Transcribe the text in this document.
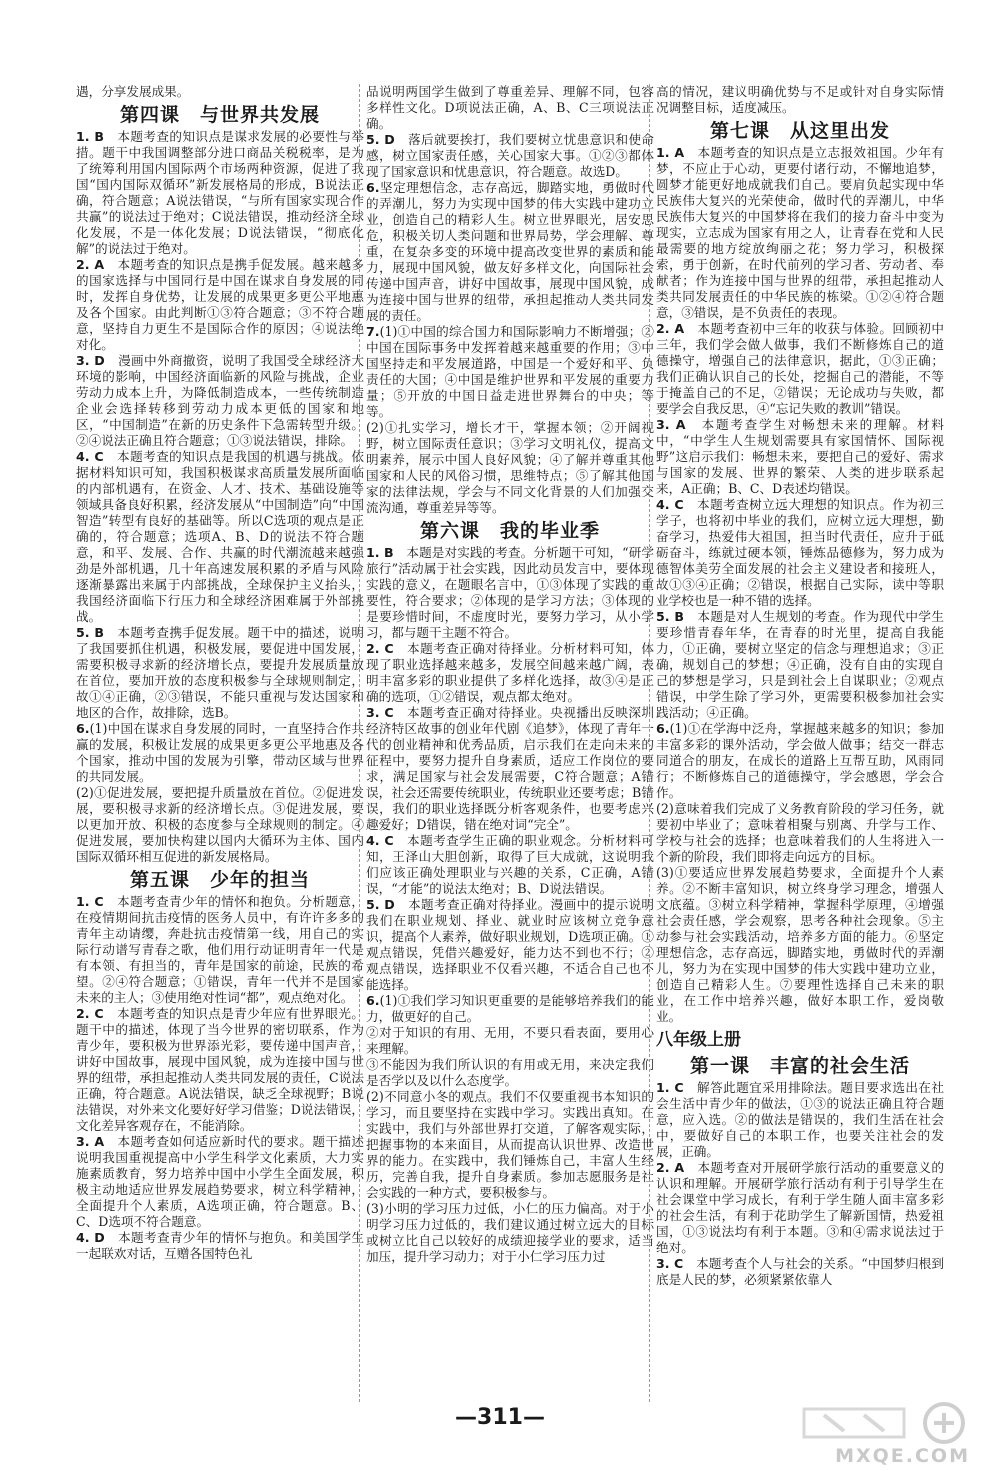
遇，分享发展成果。

第四课　与世界共发展

1. B　本题考查的知识点是谋求发展的必要性与举措。题干中我国调整部分进口商品关税税率，是为了统筹利用国内国际两个市场两种资源，促进了我国“国内国际双循环”新发展格局的形成，B说法正确，符合题意；A说法错误，“与所有国家实现合作共赢”的说法过于绝对；C说法错误，推动经济全球化发展，不是一体化发展；D说法错误，“彻底化解”的说法过于绝对。

2. A　本题考查的知识点是携手促发展。越来越多的国家选择与中国同行是中国在谋求自身发展的同时，发挥自身优势，让发展的成果更多更公平地惠及各个国家。由此判断①③符合题意；③不符合题意，坚持自力更生不是国际合作的原因；④说法绝对化。

3. D　漫画中外商撤资，说明了我国受全球经济大环境的影响，中国经济面临新的风险与挑战，企业劳动力成本上升，为降低制造成本，一些传统制造企业会选择转移到劳动力成本更低的国家和地区，“中国制造”在新的历史条件下急需转型升级。②④说法正确且符合题意；①③说法错误，排除。

4. C　本题考查的知识点是我国的机遇与挑战。依据材料知识可知，我国积极谋求高质量发展所面临的内部机遇有，在资金、人才、技术、基础设施等领域具备良好积累，经济发展从“中国制造”向“中国智造”转型有良好的基础等。所以C选项的观点是正确的，符合题意；选项A、B、D的说法不符合题意，和平、发展、合作、共赢的时代潮流越来越强劲是外部机遇，几十年高速发展积累的矛盾与风险逐渐暴露出来属于内部挑战，全球保护主义抬头，我国经济面临下行压力和全球经济困难属于外部挑战。

5. B　本题考查携手促发展。题干中的描述，说明了我国要抓住机遇，积极发展，要促进中国发展，需要积极寻求新的经济增长点，要提升发展质量放在首位，要加开放的态度积极参与全球规则制定，故①④正确，②③错误，不能只重视与发达国家和地区的合作，故排除，选B。

6.(1)中国在谋求自身发展的同时，一直坚持合作共赢的发展，积极让发展的成果更多更公平地惠及各个国家，推动中国的发展为引擎，带动区域与世界的共同发展。

(2)①促进发展，要把提升质量放在首位。②促进发展，要积极寻求新的经济增长点。③促进发展，要以更加开放、积极的态度参与全球规则的制定。④促进发展，要加快构建以国内大循环为主体、国内国际双循环相互促进的新发展格局。

第五课　少年的担当

1. C　本题考查青少年的情怀和抱负。分析题意，在疫情期间抗击疫情的医务人员中，有许许多多的青年主动请缨，奔赴抗击疫情第一线，用自己的实际行动谱写青春之歌，他们用行动证明青年一代是有本领、有担当的，青年是国家的前途，民族的希望。②④符合题意；①错误，青年一代并不是国家未来的主人；③使用绝对性词“都”，观点绝对化。

2. C　本题考查的知识点是青少年应有世界眼光。题干中的描述，体现了当今世界的密切联系，作为青少年，要积极为世界添光彩，要传递中国声音，讲好中国故事，展现中国风貌，成为连接中国与世界的纽带，承担起推动人类共同发展的责任，C说法正确，符合题意。A说法错误，缺乏全球视野；B说法错误，对外来文化要好好学习借鉴；D说法错误，文化差异客观存在，不能消除。

3. A　本题考查如何适应新时代的要求。题干描述说明我国重视提高中小学生科学文化素质，大力实施素质教育，努力培养中国中小学生全面发展，积极主动地适应世界发展趋势要求，树立科学精神，全面提升个人素质，A选项正确，符合题意。B、C、D选项不符合题意。

4. D　本题考查青少年的情怀与抱负。和美国学生一起联欢对话，互赠各国特色礼

品说明两国学生做到了尊重差异、理解不同，包容多样性文化。D项说法正确，A、B、C三项说法正确。

5. D　落后就要挨打，我们要树立忧患意识和使命感，树立国家责任感，关心国家大事。①②③都体现了国家意识和忧患意识，符合题意。故选D。

6.坚定理想信念，志存高远，脚踏实地，勇做时代的弄潮儿，努力为实现中国梦的伟大实践中建功立业，创造自己的精彩人生。树立世界眼光，居安思危，积极关切人类问题和世界局势，学会理解、尊重，在复杂多变的环境中提高改变世界的素质和能力，展现中国风貌，做友好多样文化，向国际社会传递中国声音，讲好中国故事，展现中国风貌，成为连接中国与世界的纽带，承担起推动人类共同发展的责任。

7.(1)①中国的综合国力和国际影响力不断增强；②中国在国际事务中发挥着越来越重要的作用；③中国坚持走和平发展道路，中国是一个爱好和平、负责任的大国；④中国是维护世界和平发展的重要力量；⑤开放的中国日益走进世界舞台的中央；等等。

(2)①扎实学习，增长才干，掌握本领；②开阔视野，树立国际责任意识；③学习文明礼仪，提高文明素养，展示中国人良好风貌；④了解并尊重其他国家和人民的风俗习惯，思维特点；⑤了解其他国家的法律法规，学会与不同文化背景的人们加强交流沟通，尊重差异等等。

第六课　我的毕业季

1. B　本题是对实践的考查。分析题干可知，“研学旅行”活动属于社会实践，因此动员发言中，要体现实践的意义，在题眼名言中，①③体现了实践的重要性，符合要求；②体现的是学习方法；③体现的是要珍惜时间，不虚度时光，要努力学习，从小学习，都与题干主题不符合。

2. C　本题考查正确对待择业。分析材料可知，体现了职业选择越来越多，发展空间越来越广阔，表明丰富多彩的职业提供了多样化选择，故③④是正确的选项，①②错误，观点都太绝对。

3. C　本题考查正确对待择业。央视播出反映深圳经济特区故事的创业年代剧《追梦》，体现了青年一代的创业精神和优秀品质，启示我们在走向未来的征程中，要努力提升自身素质，适应工作岗位的要求，满足国家与社会发展需要，C符合题意；A错误，社会还需要传统职业，传统职业还要考虑；B错误，我们的职业选择既分析客观条件，也要考虑兴趣爱好；D错误，错在绝对词“完全”。

4. C　本题考查学生正确的职业观念。分析材料可知，王泽山大胆创新，取得了巨大成就，这说明我们应该正确处理职业与兴趣的关系，C正确，A错误，“才能”的说法太绝对；B、D说法错误。

5. D　本题考查正确对待择业。漫画中的提示说明我们在职业规划、择业、就业时应该树立竞争意识，提高个人素养，做好职业规划，D选项正确。①观点错误，凭借兴趣爱好，能力达不到也不行；②观点错误，选择职业不仅看兴趣，不适合自己也不能选择。

6.(1)①我们学习知识更重要的是能够培养我们的能力，做更好的自己。

②对于知识的有用、无用，不要只看表面，要用心来理解。

③不能因为我们所认识的有用或无用，来决定我们是否学以及以什么态度学。

(2)不同意小冬的观点。我们不仅要重视书本知识的学习，而且要坚持在实践中学习。实践出真知。在实践中，我们与外部世界打交道，了解客观实际，把握事物的本来面目，从而提高认识世界、改造世界的能力。在实践中，我们锤炼自己，丰富人生经历，完善自我，提升自身素质。参加志愿服务是社会实践的一种方式，要积极参与。

(3)小明的学习压力过低，小仁的压力偏高。对于小明学习压力过低的，我们建议通过树立远大的目标或树立比自己以较好的成绩迎接学业的要求，适当加压，提升学习动力；对于小仁学习压力过

高的情况，建议明确优势与不足或针对自身实际情况调整目标，适度减压。

第七课　从这里出发

1. A　本题考查的知识点是立志报效祖国。少年有梦，不应止于心动，更要付诸行动，不懈地追梦，圆梦才能更好地成就我们自己。要肩负起实现中华民族伟大复兴的光荣使命，做时代的弄潮儿，中华民族伟大复兴的中国梦将在我们的接力奋斗中变为现实，立志成为国家有用之人，让青春在党和人民最需要的地方绽放绚丽之花；努力学习，积极探索，勇于创新，在时代前列的学习者、劳动者、奉献者；作为连接中国与世界的纽带，承担起推动人类共同发展责任的中华民族的栋梁。①②④符合题意，③错误，是不负责任的表现。

2. A　本题考查初中三年的收获与体验。回顾初中三年，我们学会做人做事，我们不断修炼自己的道德操守，增强自己的法律意识，据此，①③正确；我们正确认识自己的长处，挖掘自己的潜能，不等于掩盖自己的不足，②错误；无论成功与失败，都要学会自我反思，④“忘记失败的教训”错误。

3. A　本题考查学生对畅想未来的理解。材料中，“中学生人生规划需要具有家国情怀、国际视野”这启示我们：畅想未来，要把自己的爱好、需求与国家的发展、世界的繁荣、人类的进步联系起来，A正确；B、C、D表述均错误。

4. C　本题考查树立远大理想的知识点。作为初三学子，也将初中毕业的我们，应树立远大理想，勤奋学习，热爱伟大祖国，担当时代责任，应升于砥砺奋斗，练就过硬本领，锤炼品德修为，努力成为德智体美劳全面发展的社会主义建设者和接班人，故①③④正确；②错误，根据自己实际，读中等职业学校也是一种不错的选择。

5. B　本题是对人生规划的考查。作为现代中学生要珍惜青春年华，在青春的时光里，提高自我能力，①正确，要树立坚定的信念与理想追求；③正确，规划自己的梦想；④正确，没有自由的实现自己的梦想是学习，只是到社会上自谋职业；②观点错误，中学生除了学习外，更需要积极参加社会实践活动；④正确。

6.(1)①在学海中泛舟，掌握越来越多的知识；参加丰富多彩的课外活动，学会做人做事；结交一群志同道合的朋友，在成长的道路上互帮互助，风雨同行；不断修炼自己的道德操守，学会感恩，学会合作。

(2)意味着我们完成了义务教育阶段的学习任务，就要初中毕业了；意味着相聚与别离、升学与工作、学校与社会的选择；也意味着我们的人生将进入一个新的阶段，我们即将走向远方的目标。

(3)①要适应世界发展趋势要求，全面提升个人素养。②不断丰富知识，树立终身学习理念，增强人文底蕴。③树立科学精神，掌握科学原理，④增强社会责任感，学会观察，思考各种社会现象。⑤主动参与社会实践活动，培养多方面的能力。⑥坚定理想信念，志存高远，脚踏实地，勇做时代的弄潮儿，努力为在实现中国梦的伟大实践中建功立业，创造自己精彩人生。⑦要理性选择自己未来的职业，在工作中培养兴趣，做好本职工作，爱岗敬业。

八年级上册
第一课　丰富的社会生活

1. C　解答此题宜采用排除法。题目要求选出在社会生活中青少年的做法，①③的说法正确且符合题意，应入选。②的做法是错误的，我们生活在社会中，要做好自己的本职工作，也要关注社会的发展，正确。

2. A　本题考查对开展研学旅行活动的重要意义的认识和理解。开展研学旅行活动有利于引导学生在社会课堂中学习成长，有利于学生随人面丰富多彩的社会生活，有利于花助学生了解新国情，热爱祖国，①③说法均有利于本题。③和④需求说法过于绝对。

3. C　本题考查个人与社会的关系。“中国梦归根到底是人民的梦，必须紧紧依靠人

—311—
MXQE.COM
